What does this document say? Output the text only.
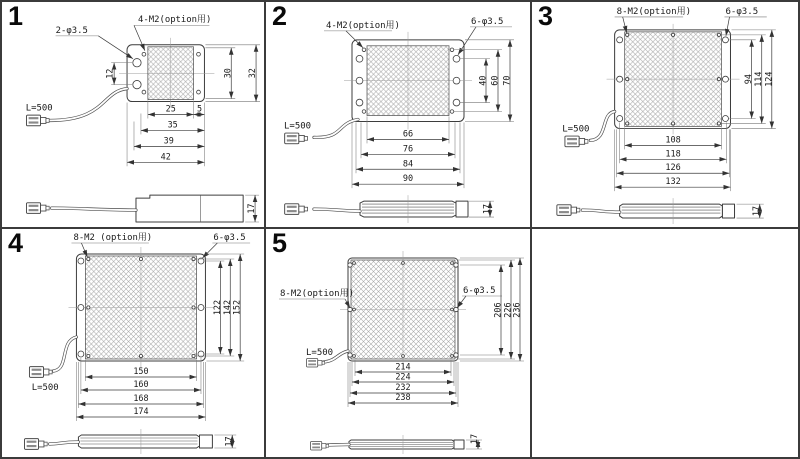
1	4-M2(option用)
2-φ3.5
12	30 32
25 5
35
39
42
L=500
17
2	4-M2(option用)	6-φ3.5
40 60 70
66
76
84
90
L=500
17
3	8-M2(option用)	6-φ3.5
94 114 124
108
118
126
132
L=500
17
4	8-M2 (option用)	6-φ3.5
122 142 152
150
160
168
174
L=500
17
5
8-M2(option用)	6-φ3.5
206 226 236
214
224
232
238
L=500
17
